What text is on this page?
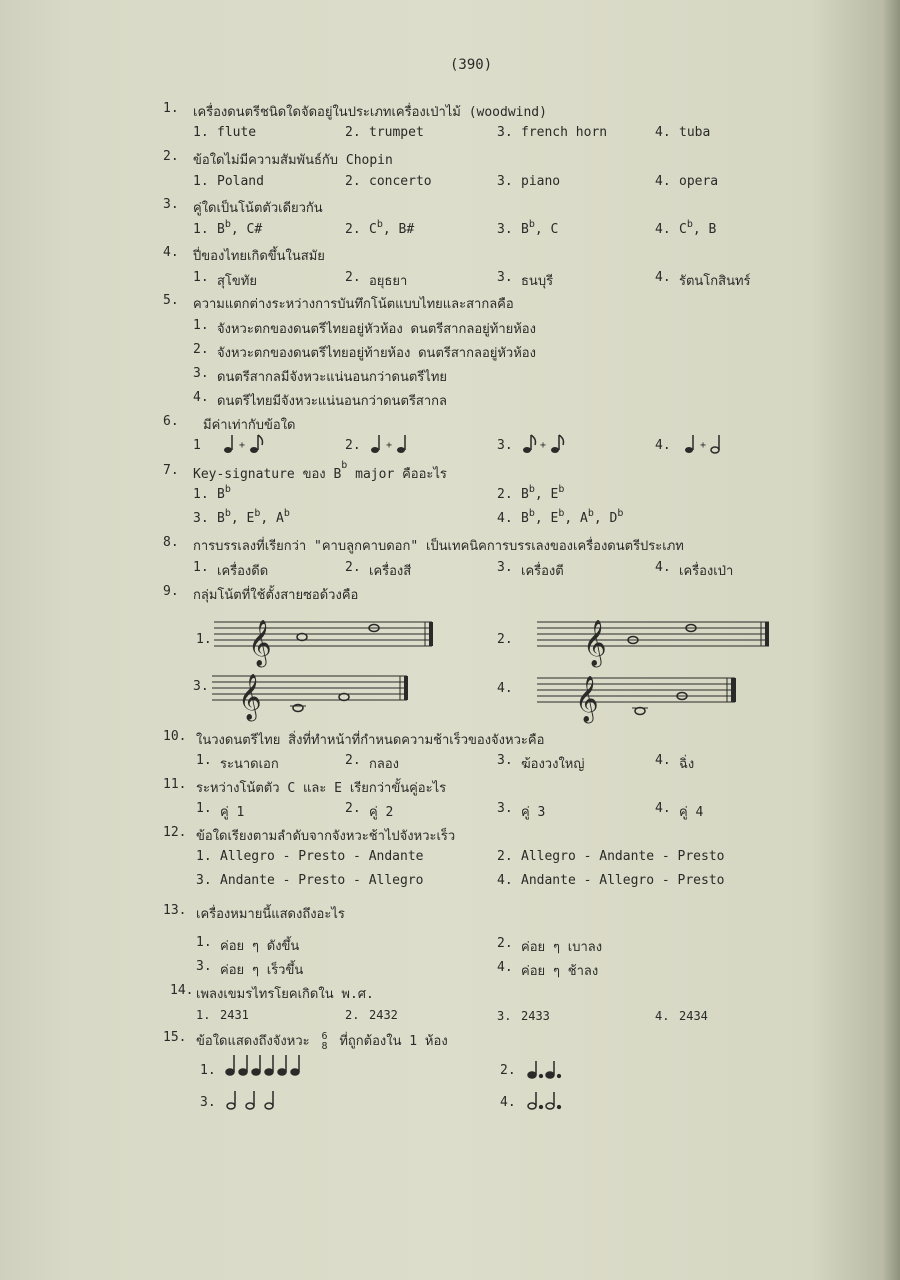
(390)
1. เครื่องดนตรีชนิดใดจัดอยู่ในประเภทเครื่องเป่าไม้ (woodwind)
1. flute	2. trumpet	3. french horn	4. tuba
2. ข้อใดไม่มีความสัมพันธ์กับ Chopin
1. Poland	2. concerto	3. piano	4. opera
3. คู่ใดเป็นโน้ตตัวเดียวกัน
1. $B^b$, C#	2. $C^b$, B#	3. $B^b$, C	4. $C^b$, B
4. ปี่ของไทยเกิดขึ้นในสมัย
1. สุโขทัย	2. อยุธยา	3. ธนบุรี	4. รัตนโกสินทร์
5. ความแตกต่างระหว่างการบันทึกโน้ตแบบไทยและสากลคือ
1. จังหวะตกของดนตรีไทยอยู่หัวห้อง ดนตรีสากลอยู่ท้ายห้อง
2. จังหวะตกของดนตรีไทยอยู่ท้ายห้อง ดนตรีสากลอยู่หัวห้อง
3. ดนตรีสากลมีจังหวะแน่นอนกว่าดนตรีไทย
4. ดนตรีไทยมีจังหวะแน่นอนกว่าดนตรีสากล
6. มีค่าเท่ากับข้อใด
1	+	2.	+	3.	+	4.	+
7. Key-signature ของ $B^b$ major คืออะไร
1. $B^b$	2. $B^b$, $E^b$
3. $B^b$, $E^b$, $A^b$	4. $B^b$, $E^b$, $A^b$, $D^b$
8. การบรรเลงที่เรียกว่า "คาบลูกคาบดอก" เป็นเทคนิคการบรรเลงของเครื่องดนตรีประเภท
1. เครื่องดีด	2. เครื่องสี	3. เครื่องตี	4. เครื่องเป่า
9. กลุ่มโน้ตที่ใช้ตั้งสายซอด้วงคือ
1. 𝄞	2. 𝄞
3. 𝄞	4. 𝄞
10. ในวงดนตรีไทย สิ่งที่ทำหน้าที่กำหนดความช้าเร็วของจังหวะคือ
1. ระนาดเอก	2. กลอง	3. ฆ้องวงใหญ่	4. ฉิ่ง
11. ระหว่างโน้ตตัว C และ E เรียกว่าขั้นคู่อะไร
1. คู่ 1	2. คู่ 2	3. คู่ 3	4. คู่ 4
12. ข้อใดเรียงตามลำดับจากจังหวะช้าไปจังหวะเร็ว
1. Allegro - Presto - Andante	2. Allegro - Andante - Presto
3. Andante - Presto - Allegro	4. Andante - Allegro - Presto
13. เครื่องหมายนี้แสดงถึงอะไร
1. ค่อย ๆ ดังขึ้น	2. ค่อย ๆ เบาลง
3. ค่อย ๆ เร็วขึ้น	4. ค่อย ๆ ช้าลง
14. เพลงเขมรไทรโยคเกิดใน พ.ศ.
1. 2431	2. 2432	3. 2433	4. 2434
15. ข้อใดแสดงถึงจังหวะ 6
8 ที่ถูกต้องใน 1 ห้อง
1.	2.
3.	4.
